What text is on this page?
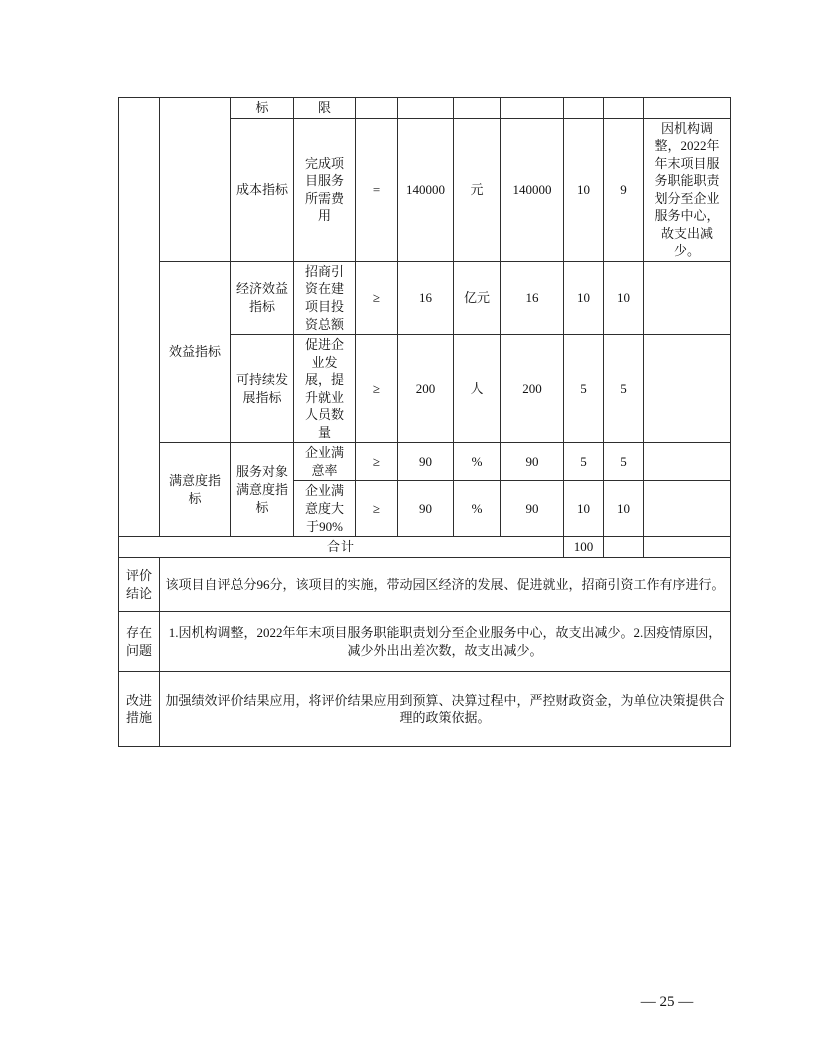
		标	限							
		成本指标	完成项目服务所需费用	=	140000	元	140000	10	9	因机构调整，2022年年末项目服务职能职责划分至企业服务中心，故支出减少。
	效益指标	经济效益指标	招商引资在建项目投资总额	≥	16	亿元	16	10	10	
		可持续发展指标	促进企业发展，提升就业人员数量	≥	200	人	200	5	5	
	满意度指标	服务对象满意度指标	企业满意率	≥	90	%	90	5	5	
			企业满意度大于90%	≥	90	%	90	10	10	
合计								100		
评价结论	该项目自评总分96分，该项目的实施，带动园区经济的发展、促进就业，招商引资工作有序进行。									
存在问题	1.因机构调整，2022年年末项目服务职能职责划分至企业服务中心，故支出减少。2.因疫情原因，减少外出出差次数，故支出减少。									
改进措施	加强绩效评价结果应用，将评价结果应用到预算、决算过程中，严控财政资金，为单位决策提供合理的政策依据。									
— 25 —
